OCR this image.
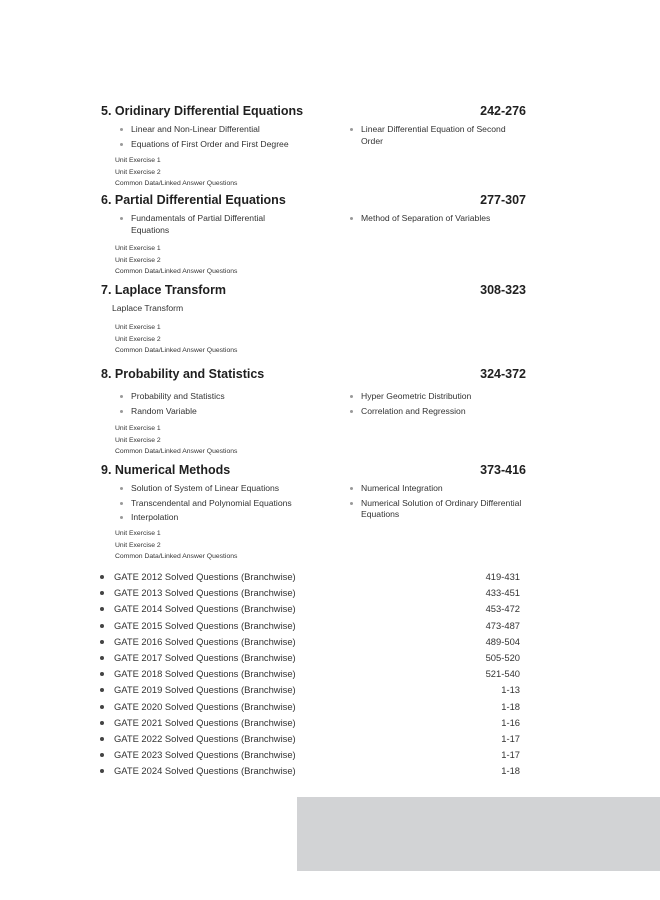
5. Oridinary Differential Equations	242-276
Linear and Non-Linear Differential
Equations of First Order and First Degree
Linear Differential Equation of Second Order
Unit Exercise 1
Unit Exercise 2
Common Data/Linked Answer Questions
6. Partial Differential Equations	277-307
Fundamentals of Partial Differential Equations
Method of Separation of Variables
Unit Exercise 1
Unit Exercise 2
Common Data/Linked Answer Questions
7. Laplace Transform	308-323
Laplace Transform
Unit Exercise 1
Unit Exercise 2
Common Data/Linked Answer Questions
8. Probability and Statistics	324-372
Probability and Statistics
Random Variable
Hyper Geometric Distribution
Correlation and Regression
Unit Exercise 1
Unit Exercise 2
Common Data/Linked Answer Questions
9. Numerical Methods	373-416
Solution of System of Linear Equations
Transcendental and Polynomial Equations
Interpolation
Numerical Integration
Numerical Solution of Ordinary Differential Equations
Unit Exercise 1
Unit Exercise 2
Common Data/Linked Answer Questions
GATE 2012 Solved Questions (Branchwise)	419-431
GATE 2013 Solved Questions (Branchwise)	433-451
GATE 2014 Solved Questions (Branchwise)	453-472
GATE 2015 Solved Questions (Branchwise)	473-487
GATE 2016 Solved Questions (Branchwise)	489-504
GATE 2017 Solved Questions (Branchwise)	505-520
GATE 2018 Solved Questions (Branchwise)	521-540
GATE 2019 Solved Questions (Branchwise)	1-13
GATE 2020 Solved Questions (Branchwise)	1-18
GATE 2021 Solved Questions (Branchwise)	1-16
GATE 2022 Solved Questions (Branchwise)	1-17
GATE 2023 Solved Questions (Branchwise)	1-17
GATE 2024 Solved Questions (Branchwise)	1-18
